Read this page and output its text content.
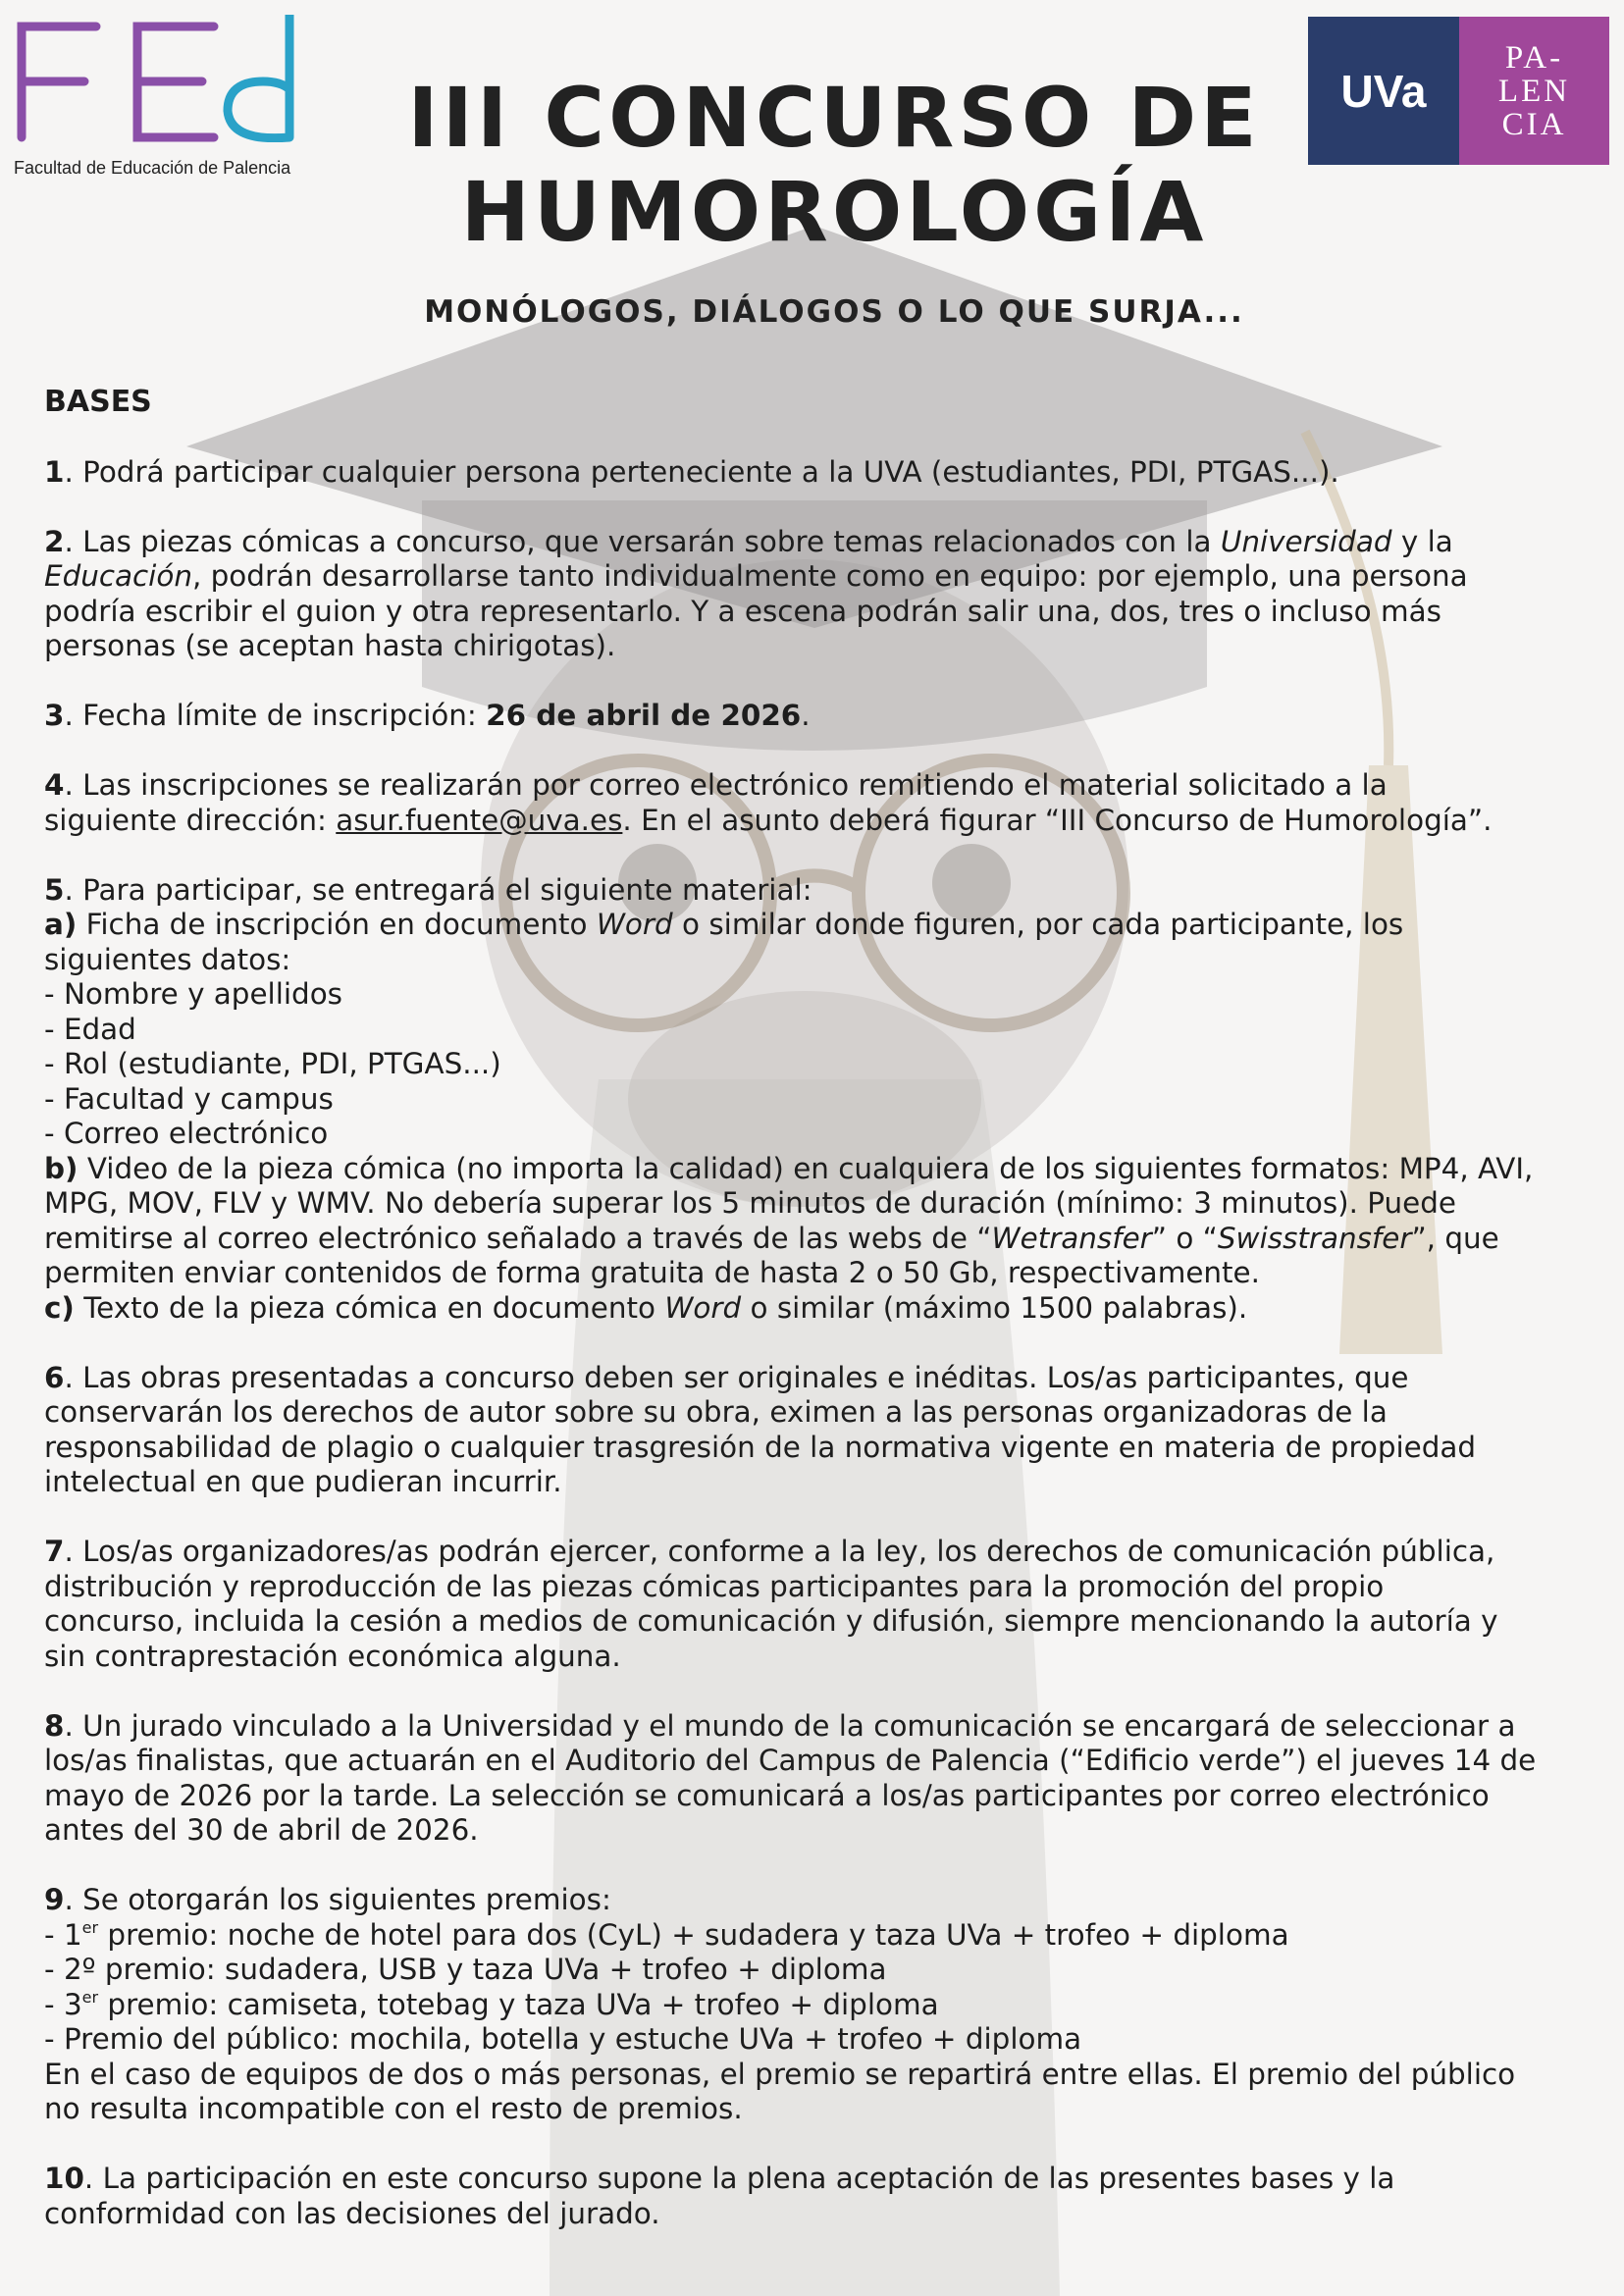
Facultad de Educación de Palencia
UVa
PA-
LEN
CIA
III CONCURSO DE
HUMOROLOGÍA
MONÓLOGOS, DIÁLOGOS O LO QUE SURJA...

BASES

1. Podrá participar cualquier persona perteneciente a la UVA (estudiantes, PDI, PTGAS...).

2. Las piezas cómicas a concurso, que versarán sobre temas relacionados con la Universidad y la

Educación, podrán desarrollarse tanto individualmente como en equipo: por ejemplo, una persona

podría escribir el guion y otra representarlo. Y a escena podrán salir una, dos, tres o incluso más

personas (se aceptan hasta chirigotas).

3. Fecha límite de inscripción: 26 de abril de 2026.

4. Las inscripciones se realizarán por correo electrónico remitiendo el material solicitado a la

siguiente dirección: asur.fuente@uva.es. En el asunto deberá figurar “III Concurso de Humorología”.

5. Para participar, se entregará el siguiente material:

a) Ficha de inscripción en documento Word o similar donde figuren, por cada participante, los

siguientes datos:

- Nombre y apellidos

- Edad

- Rol (estudiante, PDI, PTGAS...)

- Facultad y campus

- Correo electrónico

b) Video de la pieza cómica (no importa la calidad) en cualquiera de los siguientes formatos: MP4, AVI,

MPG, MOV, FLV y WMV. No debería superar los 5 minutos de duración (mínimo: 3 minutos). Puede

remitirse al correo electrónico señalado a través de las webs de “Wetransfer” o “Swisstransfer”, que

permiten enviar contenidos de forma gratuita de hasta 2 o 50 Gb, respectivamente.

c) Texto de la pieza cómica en documento Word o similar (máximo 1500 palabras).

6. Las obras presentadas a concurso deben ser originales e inéditas. Los/as participantes, que

conservarán los derechos de autor sobre su obra, eximen a las personas organizadoras de la

responsabilidad de plagio o cualquier trasgresión de la normativa vigente en materia de propiedad

intelectual en que pudieran incurrir.

7. Los/as organizadores/as podrán ejercer, conforme a la ley, los derechos de comunicación pública,

distribución y reproducción de las piezas cómicas participantes para la promoción del propio

concurso, incluida la cesión a medios de comunicación y difusión, siempre mencionando la autoría y

sin contraprestación económica alguna.

8. Un jurado vinculado a la Universidad y el mundo de la comunicación se encargará de seleccionar a

los/as finalistas, que actuarán en el Auditorio del Campus de Palencia (“Edificio verde”) el jueves 14 de

mayo de 2026 por la tarde. La selección se comunicará a los/as participantes por correo electrónico

antes del 30 de abril de 2026.

9. Se otorgarán los siguientes premios:

- 1er premio: noche de hotel para dos (CyL) + sudadera y taza UVa + trofeo + diploma

- 2º premio: sudadera, USB y taza UVa + trofeo + diploma

- 3er premio: camiseta, totebag y taza UVa + trofeo + diploma

- Premio del público: mochila, botella y estuche UVa + trofeo + diploma

En el caso de equipos de dos o más personas, el premio se repartirá entre ellas. El premio del público

no resulta incompatible con el resto de premios.

10. La participación en este concurso supone la plena aceptación de las presentes bases y la

conformidad con las decisiones del jurado.
